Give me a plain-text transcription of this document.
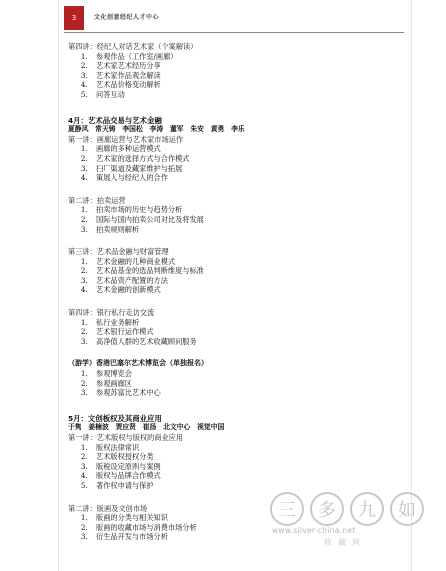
3	文化创意经纪人才中心
第四讲：经纪人对话艺术家（个案解读）
1. 参观作品（工作室/画廊）
2. 艺术家艺术经历分享
3. 艺术家作品观念解读
4. 艺术品价格变动解析
5. 问答互动
4月：艺术品交易与艺术金融
夏静风　常天铸　李国松　李涛　董军　朱安　黄勇　李乐
第一讲：画廊运营与艺术家市场运作
1. 画廊的多种运营模式
2. 艺术家的选择方式与合作模式
3. 扫厂渠道及藏家维护与拓展
4. 策展人与经纪人的合作
第二讲：拍卖运营
1. 拍卖市场的历史与趋势分析
2. 国际与国内拍卖公司对比及将发展
3. 拍卖规则解析
第三讲：艺术品金融与财富管理
1. 艺术金融的几种商业模式
2. 艺术品基金的选品判断维度与标准
3. 艺术品资产配置的方法
4. 艺术金融的创新模式
第四讲：银行私行走访交流
1. 私行业务解析
2. 艺术银行运作模式
3. 高净值人群的艺术收藏顾问服务
（游学）香港巴塞尔艺术博览会（单独报名）
1. 参观博览会
2. 参观画廊区
3. 参观苏富比艺术中心
5月：文创板权及其商业应用
于隽　姜楠波　贾应贤　崔扬　北文中心　视觉中国
第一讲：艺术版权与版权的商业应用
1. 版权法律常识
2. 艺术版权授权分类
3. 版税设定原则与案例
4. 版权与品牌合作模式
5. 著作权申请与保护
第二讲：版画及文创市场
1. 版画的分类与相关知识
2. 版画的收藏市场与消费市场分析
3. 衍生品开发与市场分析
三	多	九	如
www.silver-china.net
收藏网
